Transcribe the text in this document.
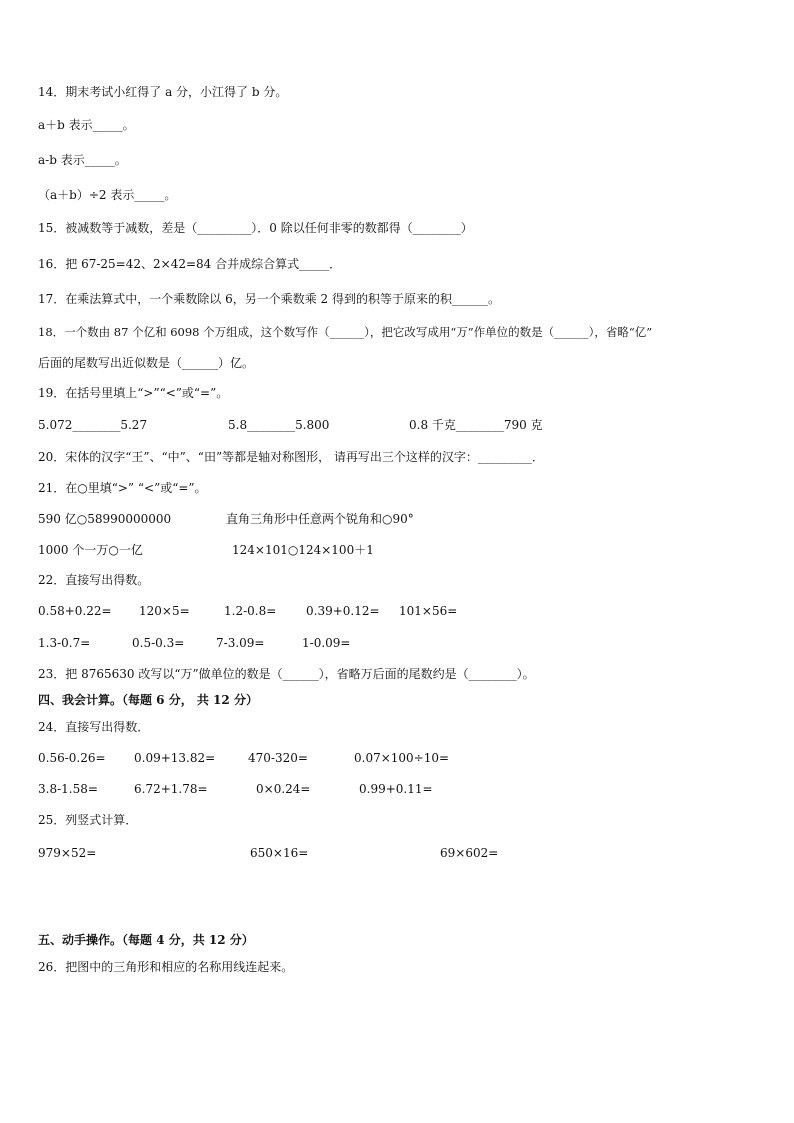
14．期末考试小红得了 a 分，小江得了 b 分。
a＋b 表示_____。
a-b 表示_____。
（a＋b）÷2 表示_____。
15．被减数等于减数，差是（_________）．0 除以任何非零的数都得（________）
16．把 67-25=42、2×42=84 合并成综合算式_____．
17．在乘法算式中，一个乘数除以 6，另一个乘数乘 2 得到的积等于原来的积______。
18．一个数由 87 个亿和 6098 个万组成，这个数写作（______），把它改写成用“万”作单位的数是（______），省略“亿”
后面的尾数写出近似数是（______）亿。
19．在括号里填上“>”“<”或“=”。
5.072________5.27	5.8________5.800	0.8 千克________790 克
20．宋体的汉字“王”、“中”、“田”等都是轴对称图形， 请再写出三个这样的汉字：_________．
21．在○里填“>” “<”或“=”。
590 亿○58990000000	直角三角形中任意两个锐角和○90°
1000 个一万○一亿	124×101○124×100＋1
22．直接写出得数。
0.58+0.22= 120×5=	1.2-0.8= 0.39+0.12= 101×56=
1.3-0.7=	0.5-0.3=	7-3.09=	1-0.09=
23．把 8765630 改写以“万”做单位的数是（______），省略万后面的尾数约是（________）。
四、我会计算。（每题 6 分， 共 12 分）
24．直接写出得数．
0.56-0.26= 0.09+13.82=	470-320=	0.07×100÷10=
3.8-1.58=	6.72+1.78=	0×0.24=	0.99+0.11=
25．列竖式计算．
979×52=	650×16=	69×602=
五、动手操作。（每题 4 分，共 12 分）
26．把图中的三角形和相应的名称用线连起来。
